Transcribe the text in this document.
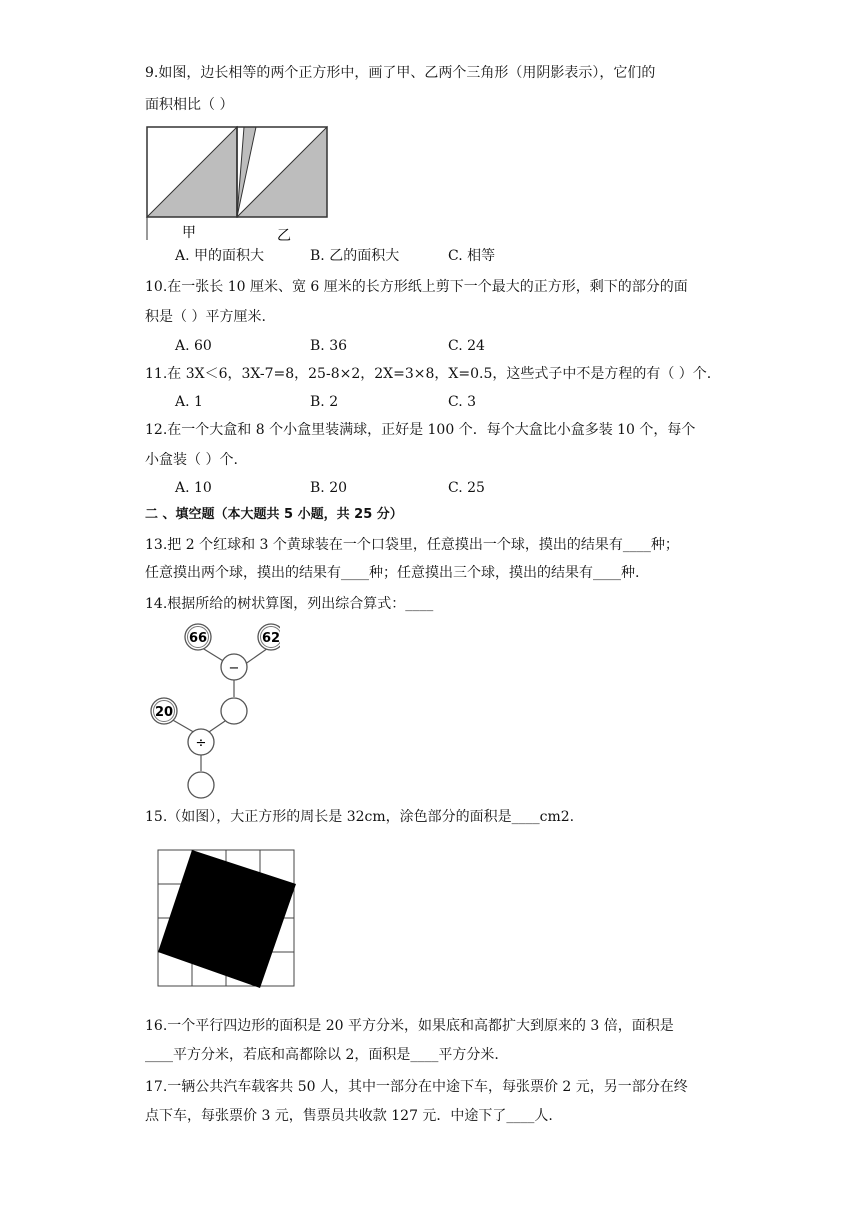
9.如图，边长相等的两个正方形中，画了甲、乙两个三角形（用阴影表示），它们的
面积相比（ ）
甲	乙
A. 甲的面积大	B. 乙的面积大	C. 相等
10.在一张长 10 厘米、宽 6 厘米的长方形纸上剪下一个最大的正方形，剩下的部分的面
积是（ ）平方厘米.
A. 60	B. 36	C. 24
11.在 3X＜6，3X-7=8，25-8×2，2X=3×8，X=0.5，这些式子中不是方程的有（ ）个.
A. 1	B. 2	C. 3
12.在一个大盒和 8 个小盒里装满球，正好是 100 个．每个大盒比小盒多装 10 个，每个
小盒装（ ）个.
A. 10	B. 20	C. 25
二 、填空题（本大题共 5 小题，共 25 分）
13.把 2 个红球和 3 个黄球装在一个口袋里，任意摸出一个球，摸出的结果有____种；
任意摸出两个球，摸出的结果有____种；任意摸出三个球，摸出的结果有____种.
14.根据所给的树状算图，列出综合算式：____
66	62
20
−
÷
15.（如图），大正方形的周长是 32cm，涂色部分的面积是____cm2.
16.一个平行四边形的面积是 20 平方分米，如果底和高都扩大到原来的 3 倍，面积是
____平方分米，若底和高都除以 2，面积是____平方分米.
17.一辆公共汽车载客共 50 人，其中一部分在中途下车，每张票价 2 元，另一部分在终
点下车，每张票价 3 元，售票员共收款 127 元．中途下了____人.
